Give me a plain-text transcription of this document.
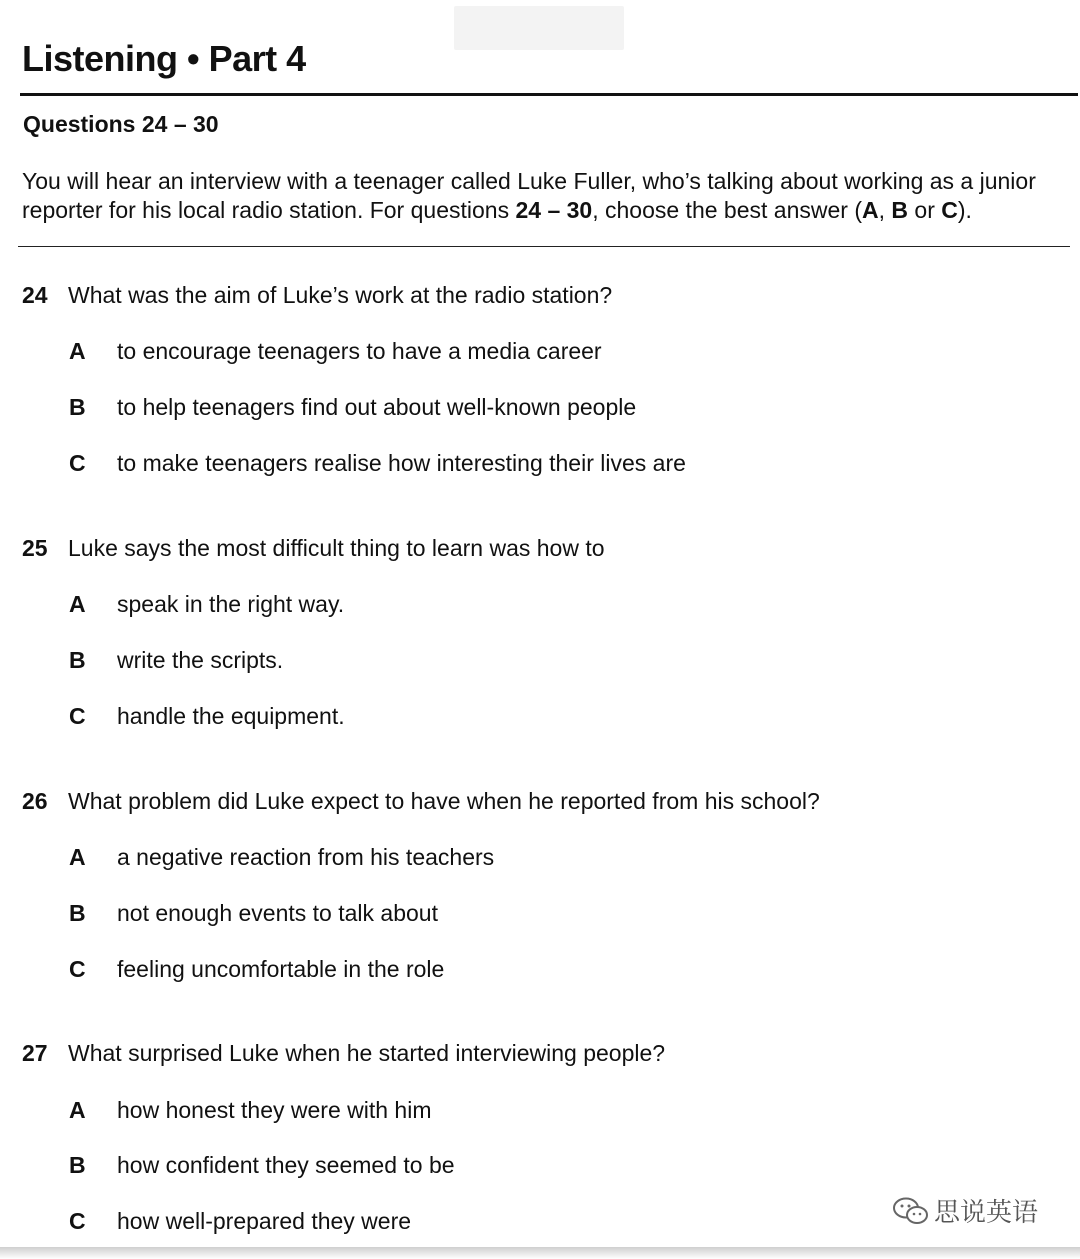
Listening • Part 4
Questions 24 – 30
You will hear an interview with a teenager called Luke Fuller, who’s talking about working as a junior
reporter for his local radio station. For questions 24 – 30, choose the best answer (A, B or C).
24 What was the aim of Luke’s work at the radio station?
A to encourage teenagers to have a media career
B to help teenagers find out about well-known people
C to make teenagers realise how interesting their lives are
25 Luke says the most difficult thing to learn was how to
A speak in the right way.
B write the scripts.
C handle the equipment.
26 What problem did Luke expect to have when he reported from his school?
A a negative reaction from his teachers
B not enough events to talk about
C feeling uncomfortable in the role
27 What surprised Luke when he started interviewing people?
A how honest they were with him
B how confident they seemed to be
C how well-prepared they were	思说英语
